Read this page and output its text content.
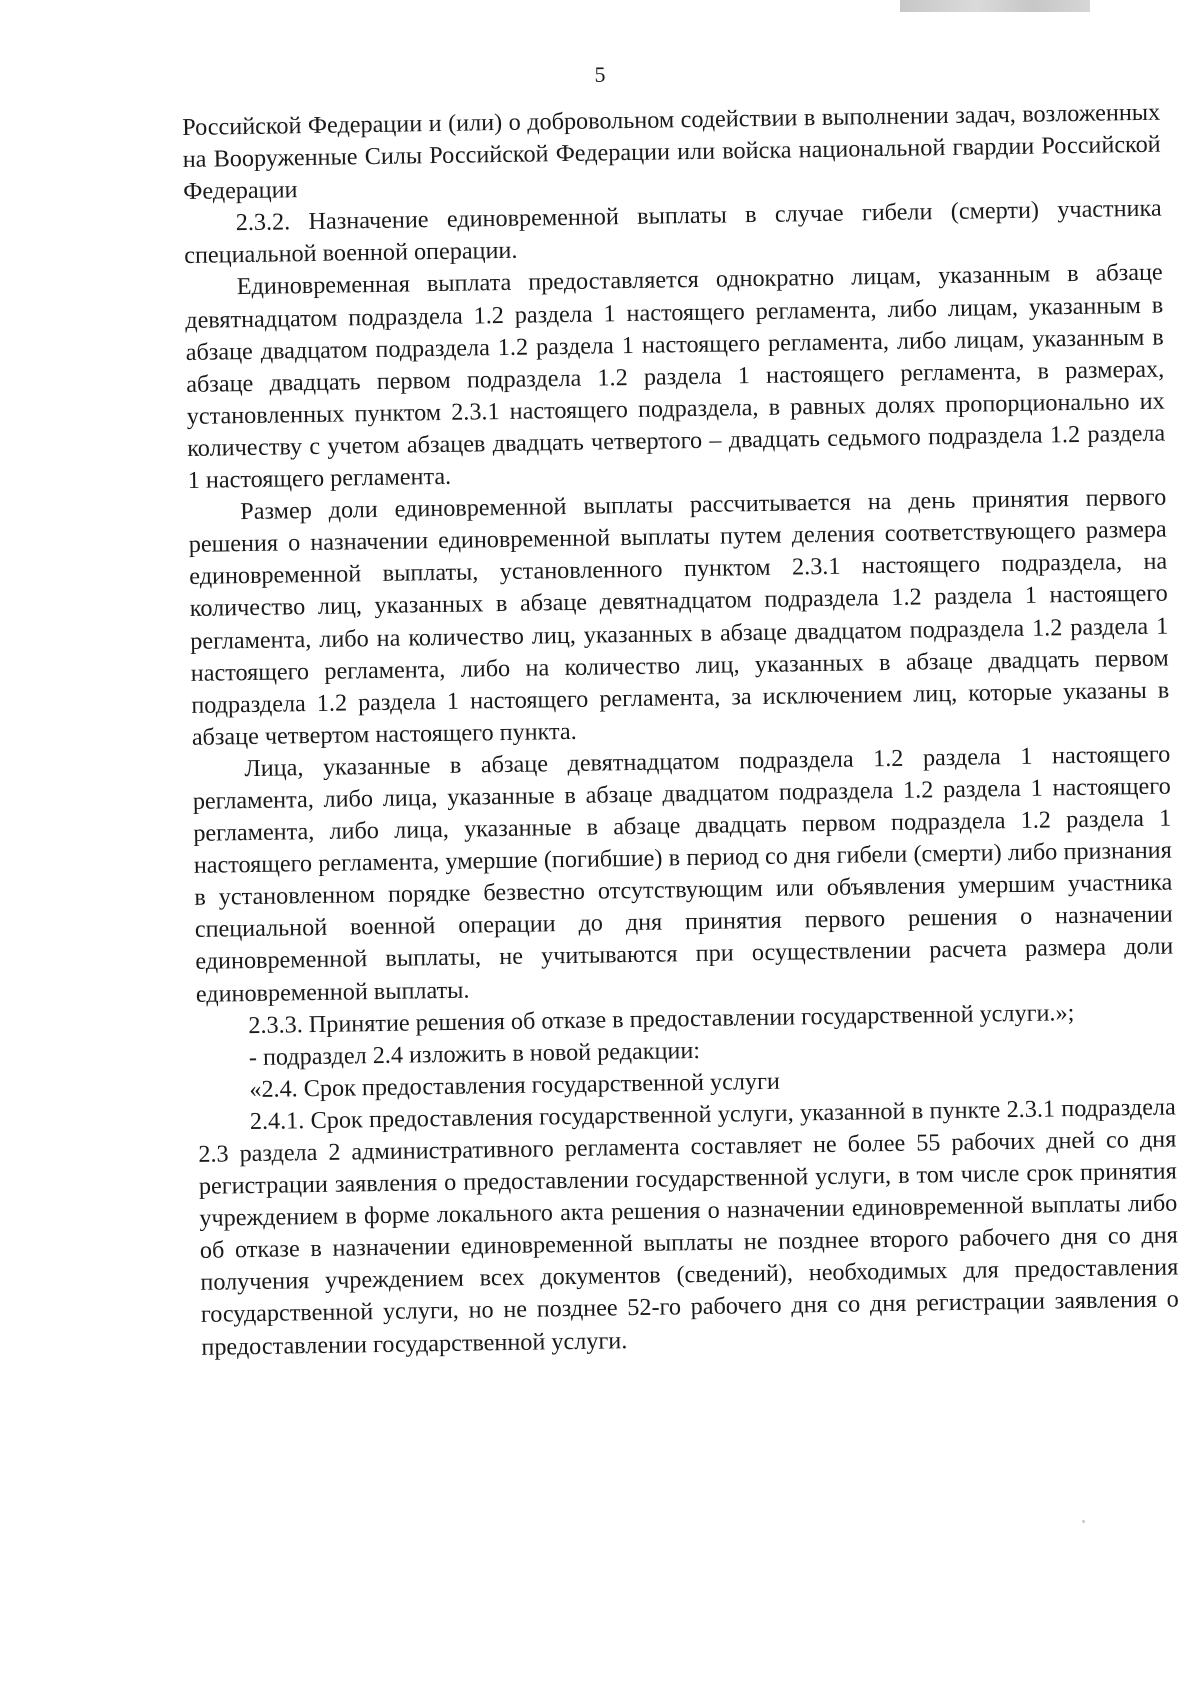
5

Российской Федерации и (или) о добровольном содействии в выполнении задач, возложенных на Вооруженные Силы Российской Федерации или войска национальной гвардии Российской Федерации

2.3.2. Назначение единовременной выплаты в случае гибели (смерти) участника специальной военной операции.

Единовременная выплата предоставляется однократно лицам, указанным в абзаце девятнадцатом подраздела 1.2 раздела 1 настоящего регламента, либо лицам, указанным в абзаце двадцатом подраздела 1.2 раздела 1 настоящего регламента, либо лицам, указанным в абзаце двадцать первом подраздела 1.2 раздела 1 настоящего регламента, в размерах, установленных пунктом 2.3.1 настоящего подраздела, в равных долях пропорционально их количеству с учетом абзацев двадцать четвертого – двадцать седьмого подраздела 1.2 раздела 1 настоящего регламента.

Размер доли единовременной выплаты рассчитывается на день принятия первого решения о назначении единовременной выплаты путем деления соответствующего размера единовременной выплаты, установленного пунктом 2.3.1 настоящего подраздела, на количество лиц, указанных в абзаце девятнадцатом подраздела 1.2 раздела 1 настоящего регламента, либо на количество лиц, указанных в абзаце двадцатом подраздела 1.2 раздела 1 настоящего регламента, либо на количество лиц, указанных в абзаце двадцать первом подраздела 1.2 раздела 1 настоящего регламента, за исключением лиц, которые указаны в абзаце четвертом настоящего пункта.

Лица, указанные в абзаце девятнадцатом подраздела 1.2 раздела 1 настоящего регламента, либо лица, указанные в абзаце двадцатом подраздела 1.2 раздела 1 настоящего регламента, либо лица, указанные в абзаце двадцать первом подраздела 1.2 раздела 1 настоящего регламента, умершие (погибшие) в период со дня гибели (смерти) либо признания в установленном порядке безвестно отсутствующим или объявления умершим участника специальной военной операции до дня принятия первого решения о назначении единовременной выплаты, не учитываются при осуществлении расчета размера доли единовременной выплаты.

2.3.3. Принятие решения об отказе в предоставлении государственной услуги.»;

- подраздел 2.4 изложить в новой редакции:

«2.4. Срок предоставления государственной услуги

2.4.1. Срок предоставления государственной услуги, указанной в пункте 2.3.1 подраздела 2.3 раздела 2 административного регламента составляет не более 55 рабочих дней со дня регистрации заявления о предоставлении государственной услуги, в том числе срок принятия учреждением в форме локального акта решения о назначении единовременной выплаты либо об отказе в назначении единовременной выплаты не позднее второго рабочего дня со дня получения учреждением всех документов (сведений), необходимых для предоставления государственной услуги, но не позднее 52-го рабочего дня со дня регистрации заявления о предоставлении государственной услуги.
